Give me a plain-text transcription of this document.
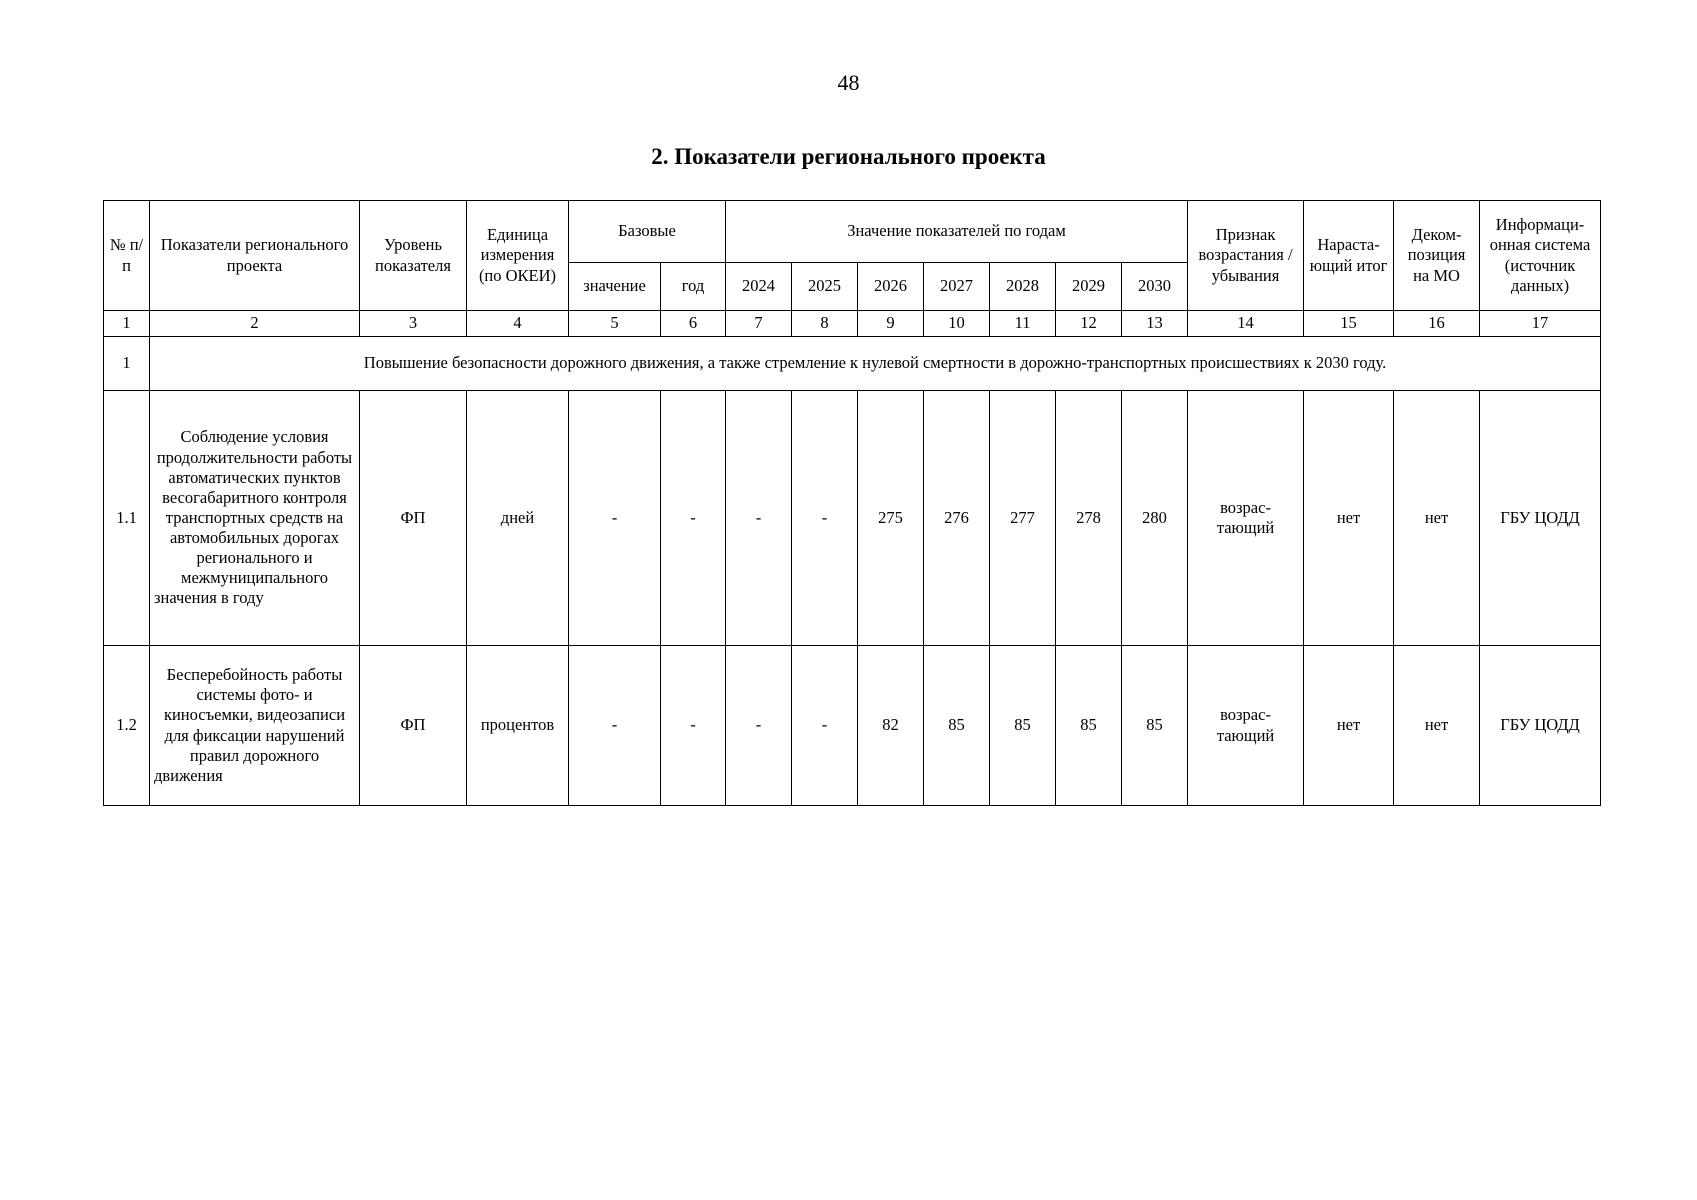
48
2. Показатели регионального проекта
№ п/п	Показатели регионального проекта	Уровень показателя	Единица измерения (по ОКЕИ)	Базовые		Значение показателей по годам							Признак возрастания / убывания	Нараста-ющий итог	Деком-позиция на МО	Информаци-онная система (источник данных)
				значение	год	2024	2025	2026	2027	2028	2029	2030				
1	2	3	4	5	6	7	8	9	10	11	12	13	14	15	16	17
1	Повышение безопасности дорожного движения, а также стремление к нулевой смертности в дорожно-транспортных происшествиях к 2030 году.															
1.1	Соблюдение условия продолжительности работы автоматических пунктов весогабаритного контроля транспортных средств на автомобильных дорогах регионального и межмуниципального значения в году	ФП	дней	-	-	-	-	275	276	277	278	280	возрас-тающий	нет	нет	ГБУ ЦОДД
1.2	Бесперебойность работы системы фото- и киносъемки, видеозаписи для фиксации нарушений правил дорожного движения	ФП	процентов	-	-	-	-	82	85	85	85	85	возрас-тающий	нет	нет	ГБУ ЦОДД
